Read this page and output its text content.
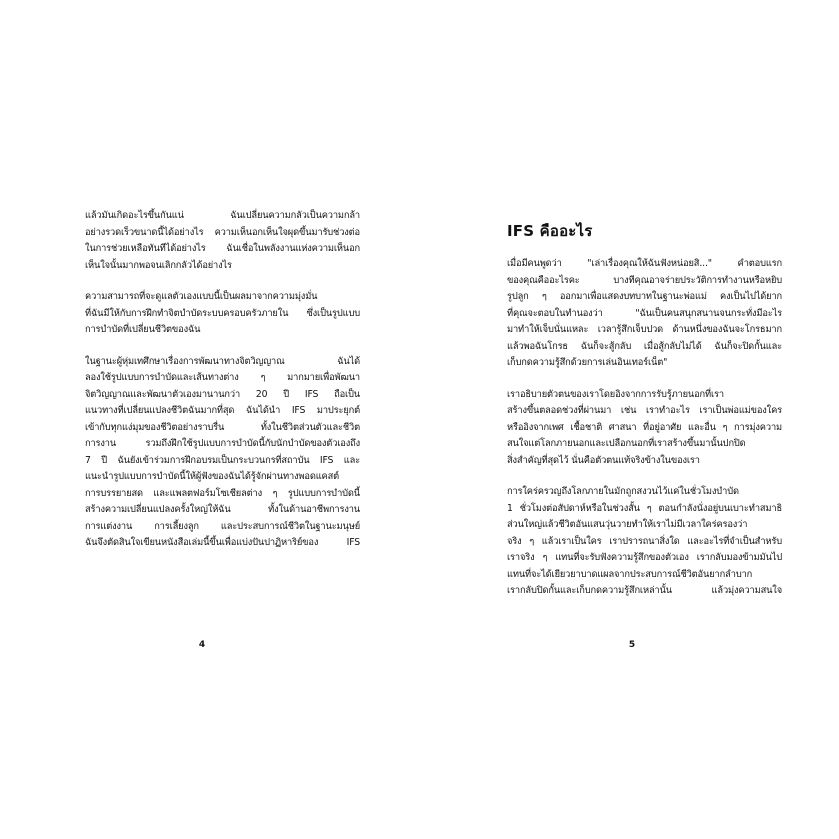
แล้วมันเกิดอะไรขึ้นกันแน่ ฉันเปลี่ยนความกลัวเป็นความกล้า
อย่างรวดเร็วขนาดนี้ได้อย่างไร ความเห็นอกเห็นใจผุดขึ้นมารับช่วงต่อ
ในการช่วยเหลือทันทีได้อย่างไร ฉันเชื่อในพลังงานแห่งความเห็นอก
เห็นใจนั้นมากพอจนเลิกกลัวได้อย่างไร
ความสามารถที่จะดูแลตัวเองแบบนี้เป็นผลมาจากความมุ่งมั่น
ที่ฉันมีให้กับการฝึกทำจิตบำบัดระบบครอบครัวภายใน ซึ่งเป็นรูปแบบ
การบำบัดที่เปลี่ยนชีวิตของฉัน
ในฐานะผู้หุ่มเทศึกษาเรื่องการพัฒนาทางจิตวิญญาณ ฉันได้
ลองใช้รูปแบบการบำบัดและเส้นทางต่าง ๆ มากมายเพื่อพัฒนา
จิตวิญญาณและพัฒนาตัวเองมานานกว่า 20 ปี IFS ถือเป็น
แนวทางที่เปลี่ยนแปลงชีวิตฉันมากที่สุด ฉันได้นำ IFS มาประยุกต์
เข้ากับทุกแง่มุมของชีวิตอย่างราบรื่น ทั้งในชีวิตส่วนตัวและชีวิต
การงาน รวมถึงฝึกใช้รูปแบบการบำบัดนี้กับนักบำบัดของตัวเองถึง
7 ปี ฉันยังเข้าร่วมการฝึกอบรมเป็นกระบวนกรที่สถาบัน IFS และ
แนะนำรูปแบบการบำบัดนี้ให้ผู้ฟังของฉันได้รู้จักผ่านทางพอดแคสต์
การบรรยายสด และแพลตฟอร์มโซเชียลต่าง ๆ รูปแบบการบำบัดนี้
สร้างความเปลี่ยนแปลงครั้งใหญ่ให้ฉัน ทั้งในด้านอาชีพการงาน
การแต่งงาน การเลี้ยงลูก และประสบการณ์ชีวิตในฐานะมนุษย์
ฉันจึงตัดสินใจเขียนหนังสือเล่มนี้ขึ้นเพื่อแบ่งปันปาฏิหาริย์ของ IFS
4
IFS คืออะไร
เมื่อมีคนพูดว่า "เล่าเรื่องคุณให้ฉันฟังหน่อยสิ..." คำตอบแรก
ของคุณคืออะไรคะ บางทีคุณอาจร่ายประวัติการทำงานหรือหยิบ
รูปลูก ๆ ออกมาเพื่อแสดงบทบาทในฐานะพ่อแม่ คงเป็นไปได้ยาก
ที่คุณจะตอบในทำนองว่า "ฉันเป็นคนสนุกสนานจนกระทั่งมีอะไร
มาทำให้เจ็บนั่นแหละ เวลารู้สึกเจ็บปวด ด้านหนึ่งของฉันจะโกรธมาก
แล้วพอฉันโกรธ ฉันก็จะสู้กลับ เมื่อสู้กลับไม่ได้ ฉันก็จะปิดกั้นและ
เก็บกดความรู้สึกด้วยการเล่นอินเทอร์เน็ต"
เราอธิบายตัวตนของเราโดยอิงจากการรับรู้ภายนอกที่เรา
สร้างขึ้นตลอดช่วงที่ผ่านมา เช่น เราทำอะไร เราเป็นพ่อแม่ของใคร
หรืออิงจากเพศ เชื้อชาติ ศาสนา ที่อยู่อาศัย และอื่น ๆ การมุ่งความ
สนใจแต่โลกภายนอกและเปลือกนอกที่เราสร้างขึ้นมานั้นปกปิด
สิ่งสำคัญที่สุดไว้ นั่นคือตัวตนแท้จริงข้างในของเรา
การใคร่ครวญถึงโลกภายในมักถูกสงวนไว้แค่ในชั่วโมงบำบัด
1 ชั่วโมงต่อสัปดาห์หรือในช่วงสั้น ๆ ตอนกำลังนั่งอยู่บนเบาะทำสมาธิ
ส่วนใหญ่แล้วชีวิตอันแสนวุ่นวายทำให้เราไม่มีเวลาใคร่ครองว่า
จริง ๆ แล้วเราเป็นใคร เราปรารถนาสิ่งใด และอะไรที่จำเป็นสำหรับ
เราจริง ๆ แทนที่จะรับฟังความรู้สึกของตัวเอง เรากลับมองข้ามมันไป
แทนที่จะได้เยียวยาบาดแผลจากประสบการณ์ชีวิตอันยากลำบาก
เรากลับปิดกั้นและเก็บกดความรู้สึกเหล่านั้น แล้วมุ่งความสนใจ
5
